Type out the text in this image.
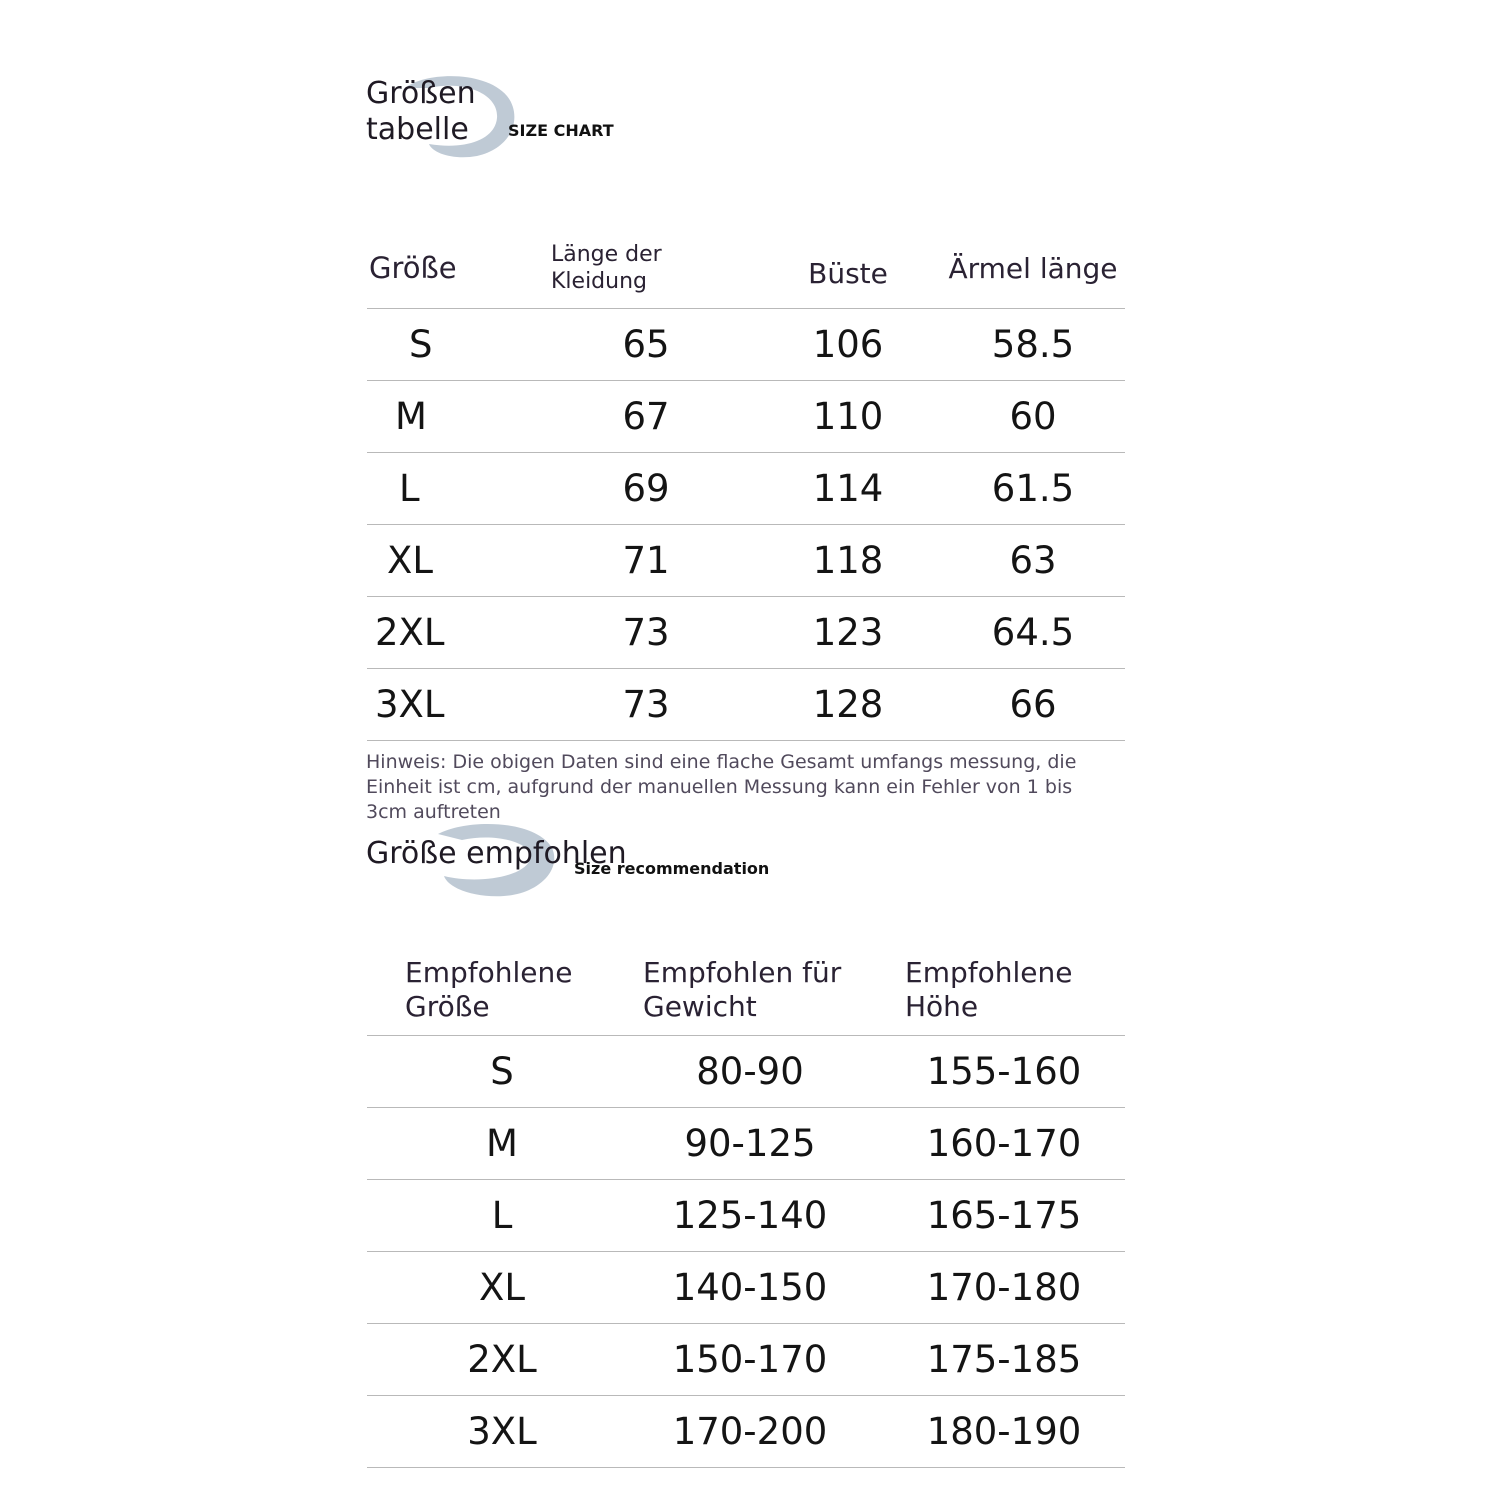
Größen
tabelle SIZE CHART
Größe	Länge der Kleidung	Büste	Ärmel länge
S	65	106	58.5
M	67	110	60
L	69	114	61.5
XL	71	118	63
2XL	73	123	64.5
3XL	73	128	66
Hinweis: Die obigen Daten sind eine flache Gesamt umfangs messung, die Einheit ist cm, aufgrund der manuellen Messung kann ein Fehler von 1 bis 3cm auftreten
Größe empfohlen
Size recommendation
Empfohlene Größe	Empfohlen für Gewicht	Empfohlene Höhe
S	80-90	155-160
M	90-125	160-170
L	125-140	165-175
XL	140-150	170-180
2XL	150-170	175-185
3XL	170-200	180-190
